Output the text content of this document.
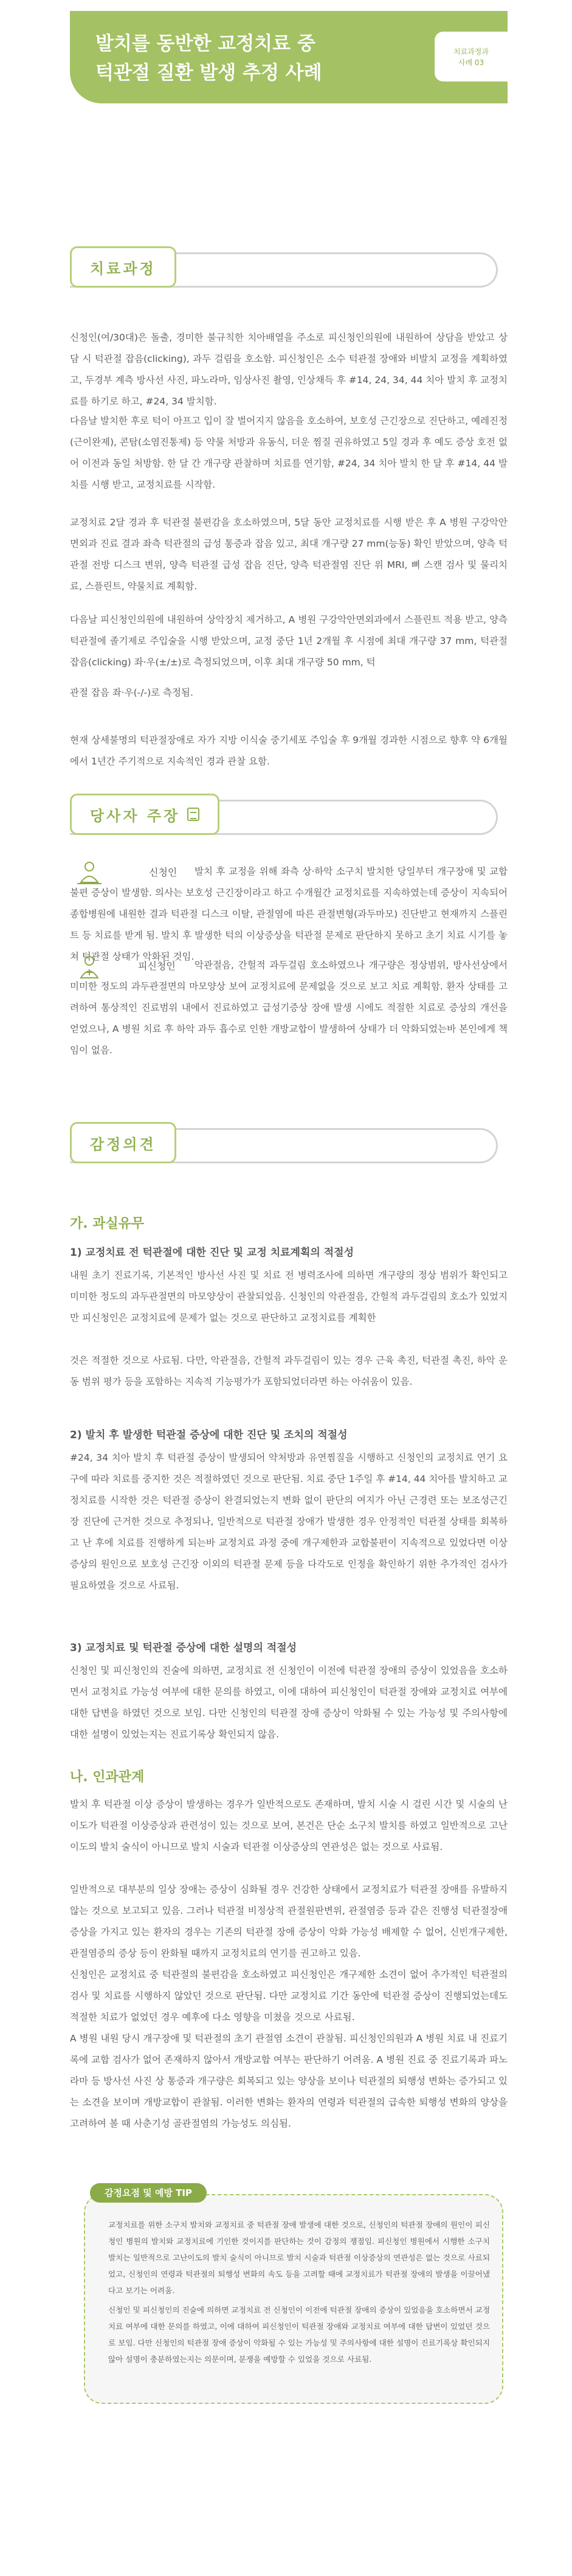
발치를 동반한 교정치료 중
턱관절 질환 발생 추정 사례
치료과정과
사례 03
치료과정
신청인(여/30대)은 돌출, 경미한 불규칙한 치아배열을 주소로 피신청인의원에 내원하여 상담을 받았고 상담 시 턱관절 잡음(clicking), 과두 걸림을 호소함. 피신청인은 소수 턱관절 장애와 비발치 교정을 계획하였고, 두경부 계측 방사선 사진, 파노라마, 임상사진 촬영, 인상채득 후 #14, 24, 34, 44 치아 발치 후 교정치료를 하기로 하고, #24, 34 발치함.
다음날 발치한 후로 턱이 아프고 입이 잘 벌어지지 않음을 호소하여, 보호성 근긴장으로 진단하고, 예레진정(근이완제), 콘탐(소염진통제) 등 약물 처방과 유동식, 더운 찜질 권유하였고 5일 경과 후 예도 증상 호전 없어 이전과 동일 처방함. 한 달 간 개구량 관찰하며 치료를 연기함, #24, 34 치아 발치 한 달 후 #14, 44 발치를 시행 받고, 교정치료를 시작함.
교정치료 2달 경과 후 턱관절 불편감을 호소하였으며, 5달 동안 교정치료를 시행 받은 후 A 병원 구강악안면외과 진료 결과 좌측 턱관절의 급성 통증과 잡음 있고, 최대 개구량 27 mm(능동) 확인 받았으며, 양측 턱관절 전방 디스크 변위, 양측 턱관절 급성 잡음 진단, 양측 턱관절염 진단 위 MRI, 뼈 스캔 검사 및 물리치료, 스플린트, 약물치료 계획함.
다음날 피신청인의원에 내원하여 상악장치 제거하고, A 병원 구강악안면외과에서 스플린트 적용 받고, 양측 턱관절에 졸기제로 주입술을 시행 받았으며, 교정 중단 1년 2개월 후 시점에 최대 개구량 37 mm, 턱관절 잡음(clicking) 좌·우(±/±)로 측정되었으며, 이후 최대 개구량 50 mm, 턱
관절 잡음 좌·우(-/-)로 측정됨.
현재 상세불명의 턱관절장애로 자가 지방 이식술 중기세포 주입술 후 9개월 경과한 시점으로 향후 약 6개월에서 1년간 주기적으로 지속적인 경과 관찰 요함.
당사자 주장
신청인	발치 후 교정을 위해 좌측 상·하악 소구치 발치한 당일부터 개구장애 및 교합불편 증상이 발생함. 의사는 보호성 근긴장이라고 하고 수개월간 교정치료를 지속하였는데 증상이 지속되어 종합병원에 내원한 결과 턱관절 디스크 이탈, 관절염에 따른 관절변형(과두마모) 진단받고 현재까지 스플린트 등 치료를 받게 됨. 발치 후 발생한 턱의 이상증상을 턱관절 문제로 판단하지 못하고 초기 치료 시기를 놓쳐 턱관절 상태가 악화된 것임.
피신청인	악관절음, 간헐적 과두걸림 호소하였으나 개구량은 정상범위, 방사선상에서 미미한 정도의 과두관절면의 마모양상 보여 교정치료에 문제없을 것으로 보고 치료 계획함. 환자 상태를 고려하여 통상적인 진료범위 내에서 진료하였고 급성기증상 장애 발생 시에도 적절한 치료로 증상의 개선을 얻었으나, A 병원 치료 후 하악 과두 흡수로 인한 개방교합이 발생하여 상태가 더 악화되었는바 본인에게 책임이 없음.
감정의견
가. 과실유무
1) 교정치료 전 턱관절에 대한 진단 및 교정 치료계획의 적절성
내원 초기 진료기록, 기본적인 방사선 사진 및 치료 전 병력조사에 의하면 개구량의 정상 범위가 확인되고 미미한 정도의 과두관절면의 마모양상이 관찰되었음. 신청인의 악관절음, 간헐적 과두걸림의 호소가 있었지만 피신청인은 교정치료에 문제가 없는 것으로 판단하고 교정치료를 계획한
것은 적절한 것으로 사료됨. 다만, 악관절음, 간헐적 과두걸림이 있는 경우 근육 촉진, 턱관절 촉진, 하악 운동 범위 평가 등을 포함하는 지속적 기능평가가 포함되었더라면 하는 아쉬움이 있음.
2) 발치 후 발생한 턱관절 증상에 대한 진단 및 조치의 적절성
#24, 34 치아 발치 후 턱관절 증상이 발생되어 약처방과 유연찜질을 시행하고 신청인의 교정치료 연기 요구에 따라 치료를 중지한 것은 적절하였던 것으로 판단됨. 치료 중단 1주일 후 #14, 44 치아를 발치하고 교정치료를 시작한 것은 턱관절 증상이 완결되었는지 변화 없이 판단의 여지가 아닌 근경련 또는 보조성근긴장 진단에 근거한 것으로 추정되나, 일반적으로 턱관절 장애가 발생한 경우 안정적인 턱관절 상태를 회복하고 난 후에 치료를 진행하게 되는바 교정치료 과정 중에 개구제한과 교합불편이 지속적으로 있었다면 이상 증상의 원인으로 보호성 근긴장 이외의 턱관절 문제 등을 다각도로 인정을 확인하기 위한 추가적인 검사가 필요하였을 것으로 사료됨.
3) 교정치료 및 턱관절 증상에 대한 설명의 적절성
신청인 및 피신청인의 진술에 의하면, 교정치료 전 신청인이 이전에 턱관절 장애의 증상이 있었음을 호소하면서 교정치료 가능성 여부에 대한 문의를 하였고, 이에 대하여 피신청인이 턱관절 장애와 교정치료 여부에 대한 답변을 하였던 것으로 보임. 다만 신청인의 턱관절 장애 증상이 악화될 수 있는 가능성 및 주의사항에 대한 설명이 있었는지는 진료기록상 확인되지 않음.
나. 인과관계
발치 후 턱관절 이상 증상이 발생하는 경우가 일반적으로도 존재하며, 발치 시술 시 걸린 시간 및 시술의 난이도가 턱관절 이상증상과 관련성이 있는 것으로 보여, 본건은 단순 소구치 발치를 하였고 일반적으로 고난이도의 발치 술식이 아니므로 발치 시술과 턱관절 이상증상의 연관성은 없는 것으로 사료됨.
일반적으로 대부분의 일상 장애는 증상이 심화될 경우 건강한 상태에서 교정치료가 턱관절 장애를 유발하지 않는 것으로 보고되고 있음. 그러나 턱관절 비정상적 관절원판변위, 관절염증 등과 같은 진행성 턱관절장애 증상을 가지고 있는 환자의 경우는 기존의 턱관절 장애 증상이 악화 가능성 배제할 수 없어, 신빈개구제한, 관절염증의 증상 등이 완화될 때까지 교정치료의 연기를 권고하고 있음.
신청인은 교정치료 중 턱관절의 불편감을 호소하였고 피신청인은 개구제한 소견이 없어 추가적인 턱관절의 검사 및 치료를 시행하지 않았던 것으로 판단됨. 다만 교정치료 기간 동안에 턱관절 증상이 진행되었는데도 적절한 치료가 없었던 경우 예후에 다소 영향을 미쳤을 것으로 사료됨.
A 병원 내원 당시 개구장애 및 턱관절의 초기 관절염 소견이 관찰됨. 피신청인의원과 A 병원 치료 내 진료기록에 교합 검사가 없어 존재하지 않아서 개방교합 여부는 판단하기 어려움. A 병원 진료 중 진료기록과 파노라마 등 방사선 사진 상 통증과 개구량은 회복되고 있는 양상을 보이나 턱관절의 퇴행성 변화는 증가되고 있는 소견을 보이며 개방교합이 관찰됨. 이러한 변화는 환자의 연령과 턱관절의 급속한 퇴행성 변화의 양상을 고려하여 볼 때 사춘기성 골관절염의 가능성도 의심됨.
감정요점 및 예방 TIP
교정치료를 위한 소구치 발치와 교정치료 중 턱관절 장애 발생에 대한 것으로, 신청인의 턱관절 장애의 원인이 피신청인 병원의 발치와 교정치료에 기인한 것이지를 판단하는 것이 감정의 쟁점임. 피신청인 병원에서 시행한 소구치 발치는 일반적으로 고난이도의 발치 술식이 아니므로 발치 시술과 턱관절 이상증상의 연관성은 없는 것으로 사료되었고, 신청인의 연령과 턱관절의 퇴행성 변화의 속도 등을 고려할 때에 교정치료가 턱관절 장애의 발생을 이끌어냈다고 보기는 어려움.
신청인 및 피신청인의 진술에 의하면 교정치료 전 신청인이 이전에 턱관절 장애의 증상이 있었음을 호소하면서 교정치료 여부에 대한 문의를 하였고, 이에 대하여 피신청인이 턱관절 장애와 교정치료 여부에 대한 답변이 있었던 것으로 보임. 다만 신청인의 턱관절 장애 증상이 악화될 수 있는 가능성 및 주의사항에 대한 설명이 진료기록상 확인되지 않아 설명이 충분하였는지는 의문이며, 분쟁을 예방할 수 있었을 것으로 사료됨.
